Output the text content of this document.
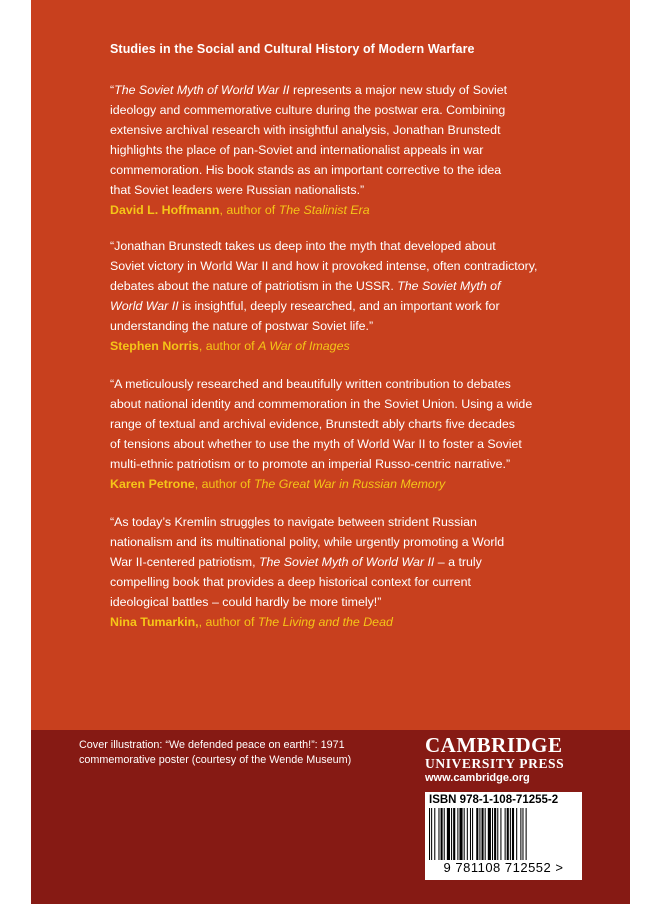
Studies in the Social and Cultural History of Modern Warfare

“The Soviet Myth of World War II represents a major new study of Soviet

ideology and commemorative culture during the postwar era. Combining

extensive archival research with insightful analysis, Jonathan Brunstedt

highlights the place of pan-Soviet and internationalist appeals in war

commemoration. His book stands as an important corrective to the idea

that Soviet leaders were Russian nationalists.”

David L. Hoffmann, author of The Stalinist Era

“Jonathan Brunstedt takes us deep into the myth that developed about

Soviet victory in World War II and how it provoked intense, often contradictory,

debates about the nature of patriotism in the USSR. The Soviet Myth of

World War II is insightful, deeply researched, and an important work for

understanding the nature of postwar Soviet life.”

Stephen Norris, author of A War of Images

“A meticulously researched and beautifully written contribution to debates

about national identity and commemoration in the Soviet Union. Using a wide

range of textual and archival evidence, Brunstedt ably charts five decades

of tensions about whether to use the myth of World War II to foster a Soviet

multi-ethnic patriotism or to promote an imperial Russo-centric narrative.”

Karen Petrone, author of The Great War in Russian Memory

“As today’s Kremlin struggles to navigate between strident Russian

nationalism and its multinational polity, while urgently promoting a World

War II-centered patriotism, The Soviet Myth of World War II – a truly

compelling book that provides a deep historical context for current

ideological battles – could hardly be more timely!”

Nina Tumarkin,, author of The Living and the Dead

Cover illustration: “We defended peace on earth!”: 1971
commemorative poster (courtesy of the Wende Museum)
CAMBRIDGE
UNIVERSITY PRESS
www.cambridge.org
ISBN 978-1-108-71255-2
9 781108 712552 >
